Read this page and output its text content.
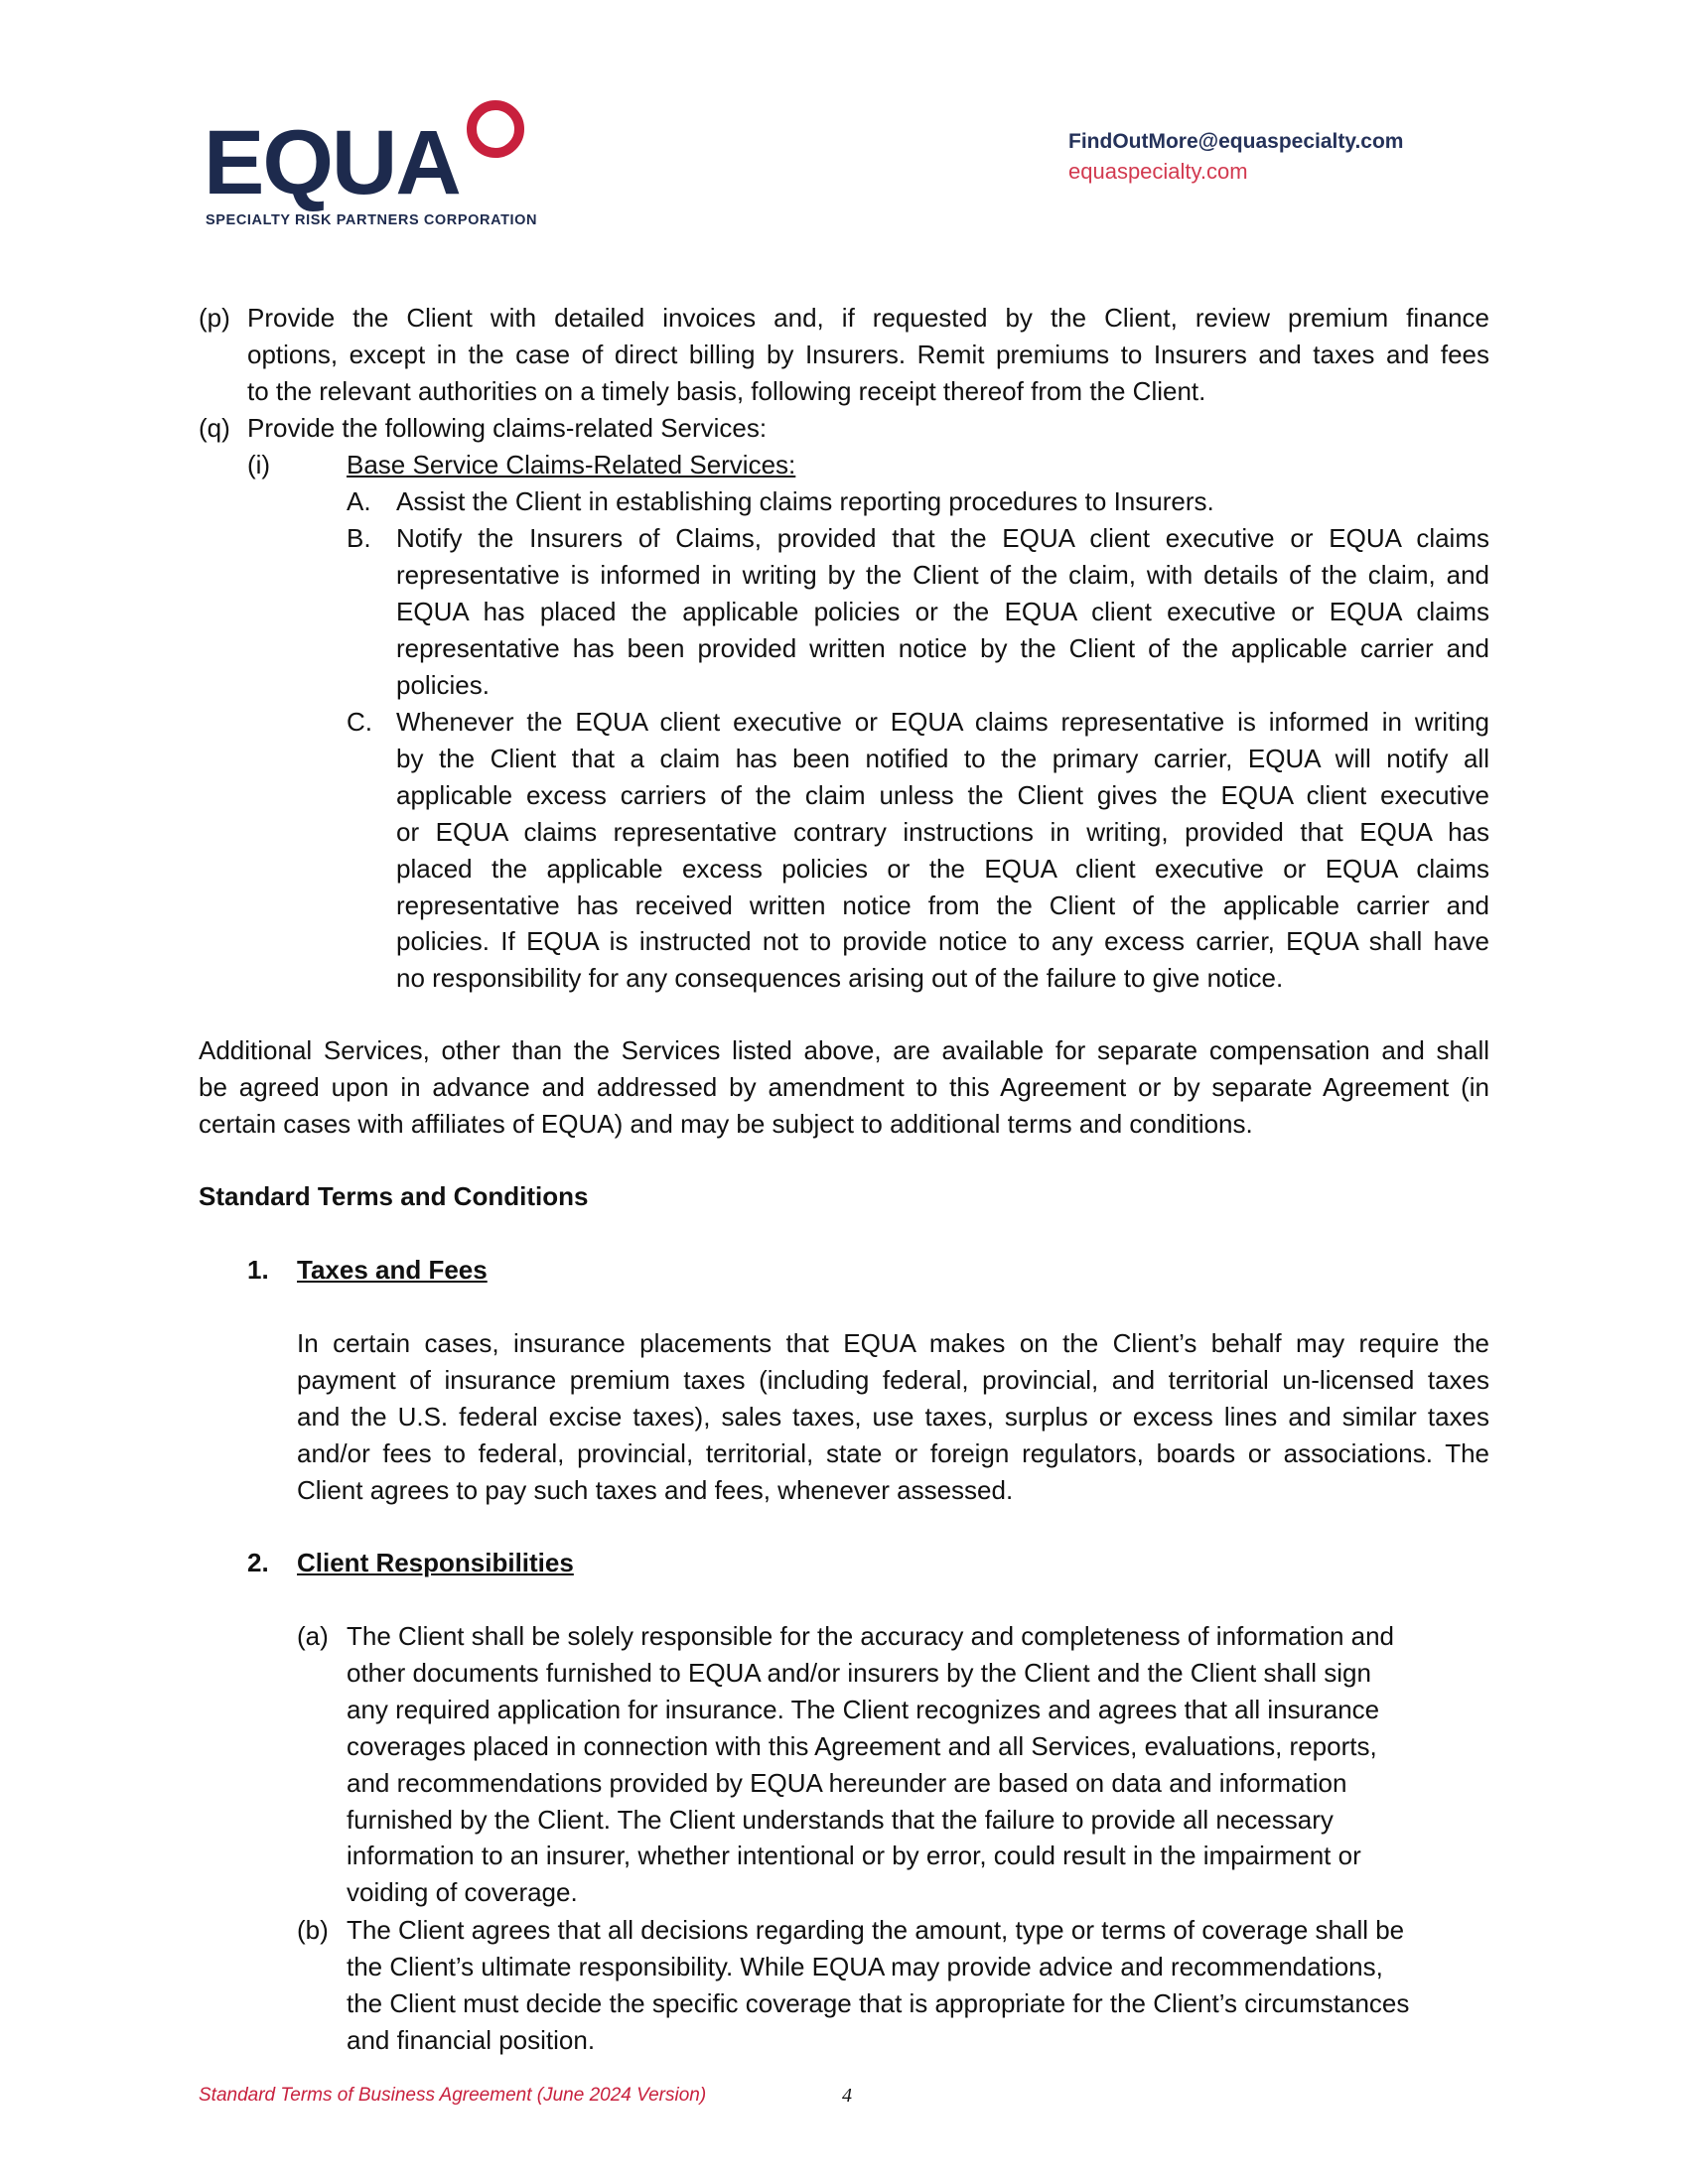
EQUA
SPECIALTY RISK PARTNERS CORPORATION
FindOutMore@equaspecialty.com
equaspecialty.com
(p) Provide the Client with detailed invoices and, if requested by the Client, review premium finance
options, except in the case of direct billing by Insurers. Remit premiums to Insurers and taxes and fees
to the relevant authorities on a timely basis, following receipt thereof from the Client.
(q) Provide the following claims-related Services:
(i)	Base Service Claims-Related Services:
A. Assist the Client in establishing claims reporting procedures to Insurers.
B. Notify the Insurers of Claims, provided that the EQUA client executive or EQUA claims
representative is informed in writing by the Client of the claim, with details of the claim, and
EQUA has placed the applicable policies or the EQUA client executive or EQUA claims
representative has been provided written notice by the Client of the applicable carrier and
policies.
C. Whenever the EQUA client executive or EQUA claims representative is informed in writing
by the Client that a claim has been notified to the primary carrier, EQUA will notify all
applicable excess carriers of the claim unless the Client gives the EQUA client executive
or EQUA claims representative contrary instructions in writing, provided that EQUA has
placed the applicable excess policies or the EQUA client executive or EQUA claims
representative has received written notice from the Client of the applicable carrier and
policies. If EQUA is instructed not to provide notice to any excess carrier, EQUA shall have
no responsibility for any consequences arising out of the failure to give notice.
Additional Services, other than the Services listed above, are available for separate compensation and shall
be agreed upon in advance and addressed by amendment to this Agreement or by separate Agreement (in
certain cases with affiliates of EQUA) and may be subject to additional terms and conditions.
Standard Terms and Conditions
1. Taxes and Fees
In certain cases, insurance placements that EQUA makes on the Client’s behalf may require the
payment of insurance premium taxes (including federal, provincial, and territorial un-licensed taxes
and the U.S. federal excise taxes), sales taxes, use taxes, surplus or excess lines and similar taxes
and/or fees to federal, provincial, territorial, state or foreign regulators, boards or associations. The
Client agrees to pay such taxes and fees, whenever assessed.
2. Client Responsibilities
(a) The Client shall be solely responsible for the accuracy and completeness of information and
other documents furnished to EQUA and/or insurers by the Client and the Client shall sign
any required application for insurance. The Client recognizes and agrees that all insurance
coverages placed in connection with this Agreement and all Services, evaluations, reports,
and recommendations provided by EQUA hereunder are based on data and information
furnished by the Client. The Client understands that the failure to provide all necessary
information to an insurer, whether intentional or by error, could result in the impairment or
voiding of coverage.
(b) The Client agrees that all decisions regarding the amount, type or terms of coverage shall be
the Client’s ultimate responsibility. While EQUA may provide advice and recommendations,
the Client must decide the specific coverage that is appropriate for the Client’s circumstances
and financial position.
Standard Terms of Business Agreement (June 2024 Version)	4
